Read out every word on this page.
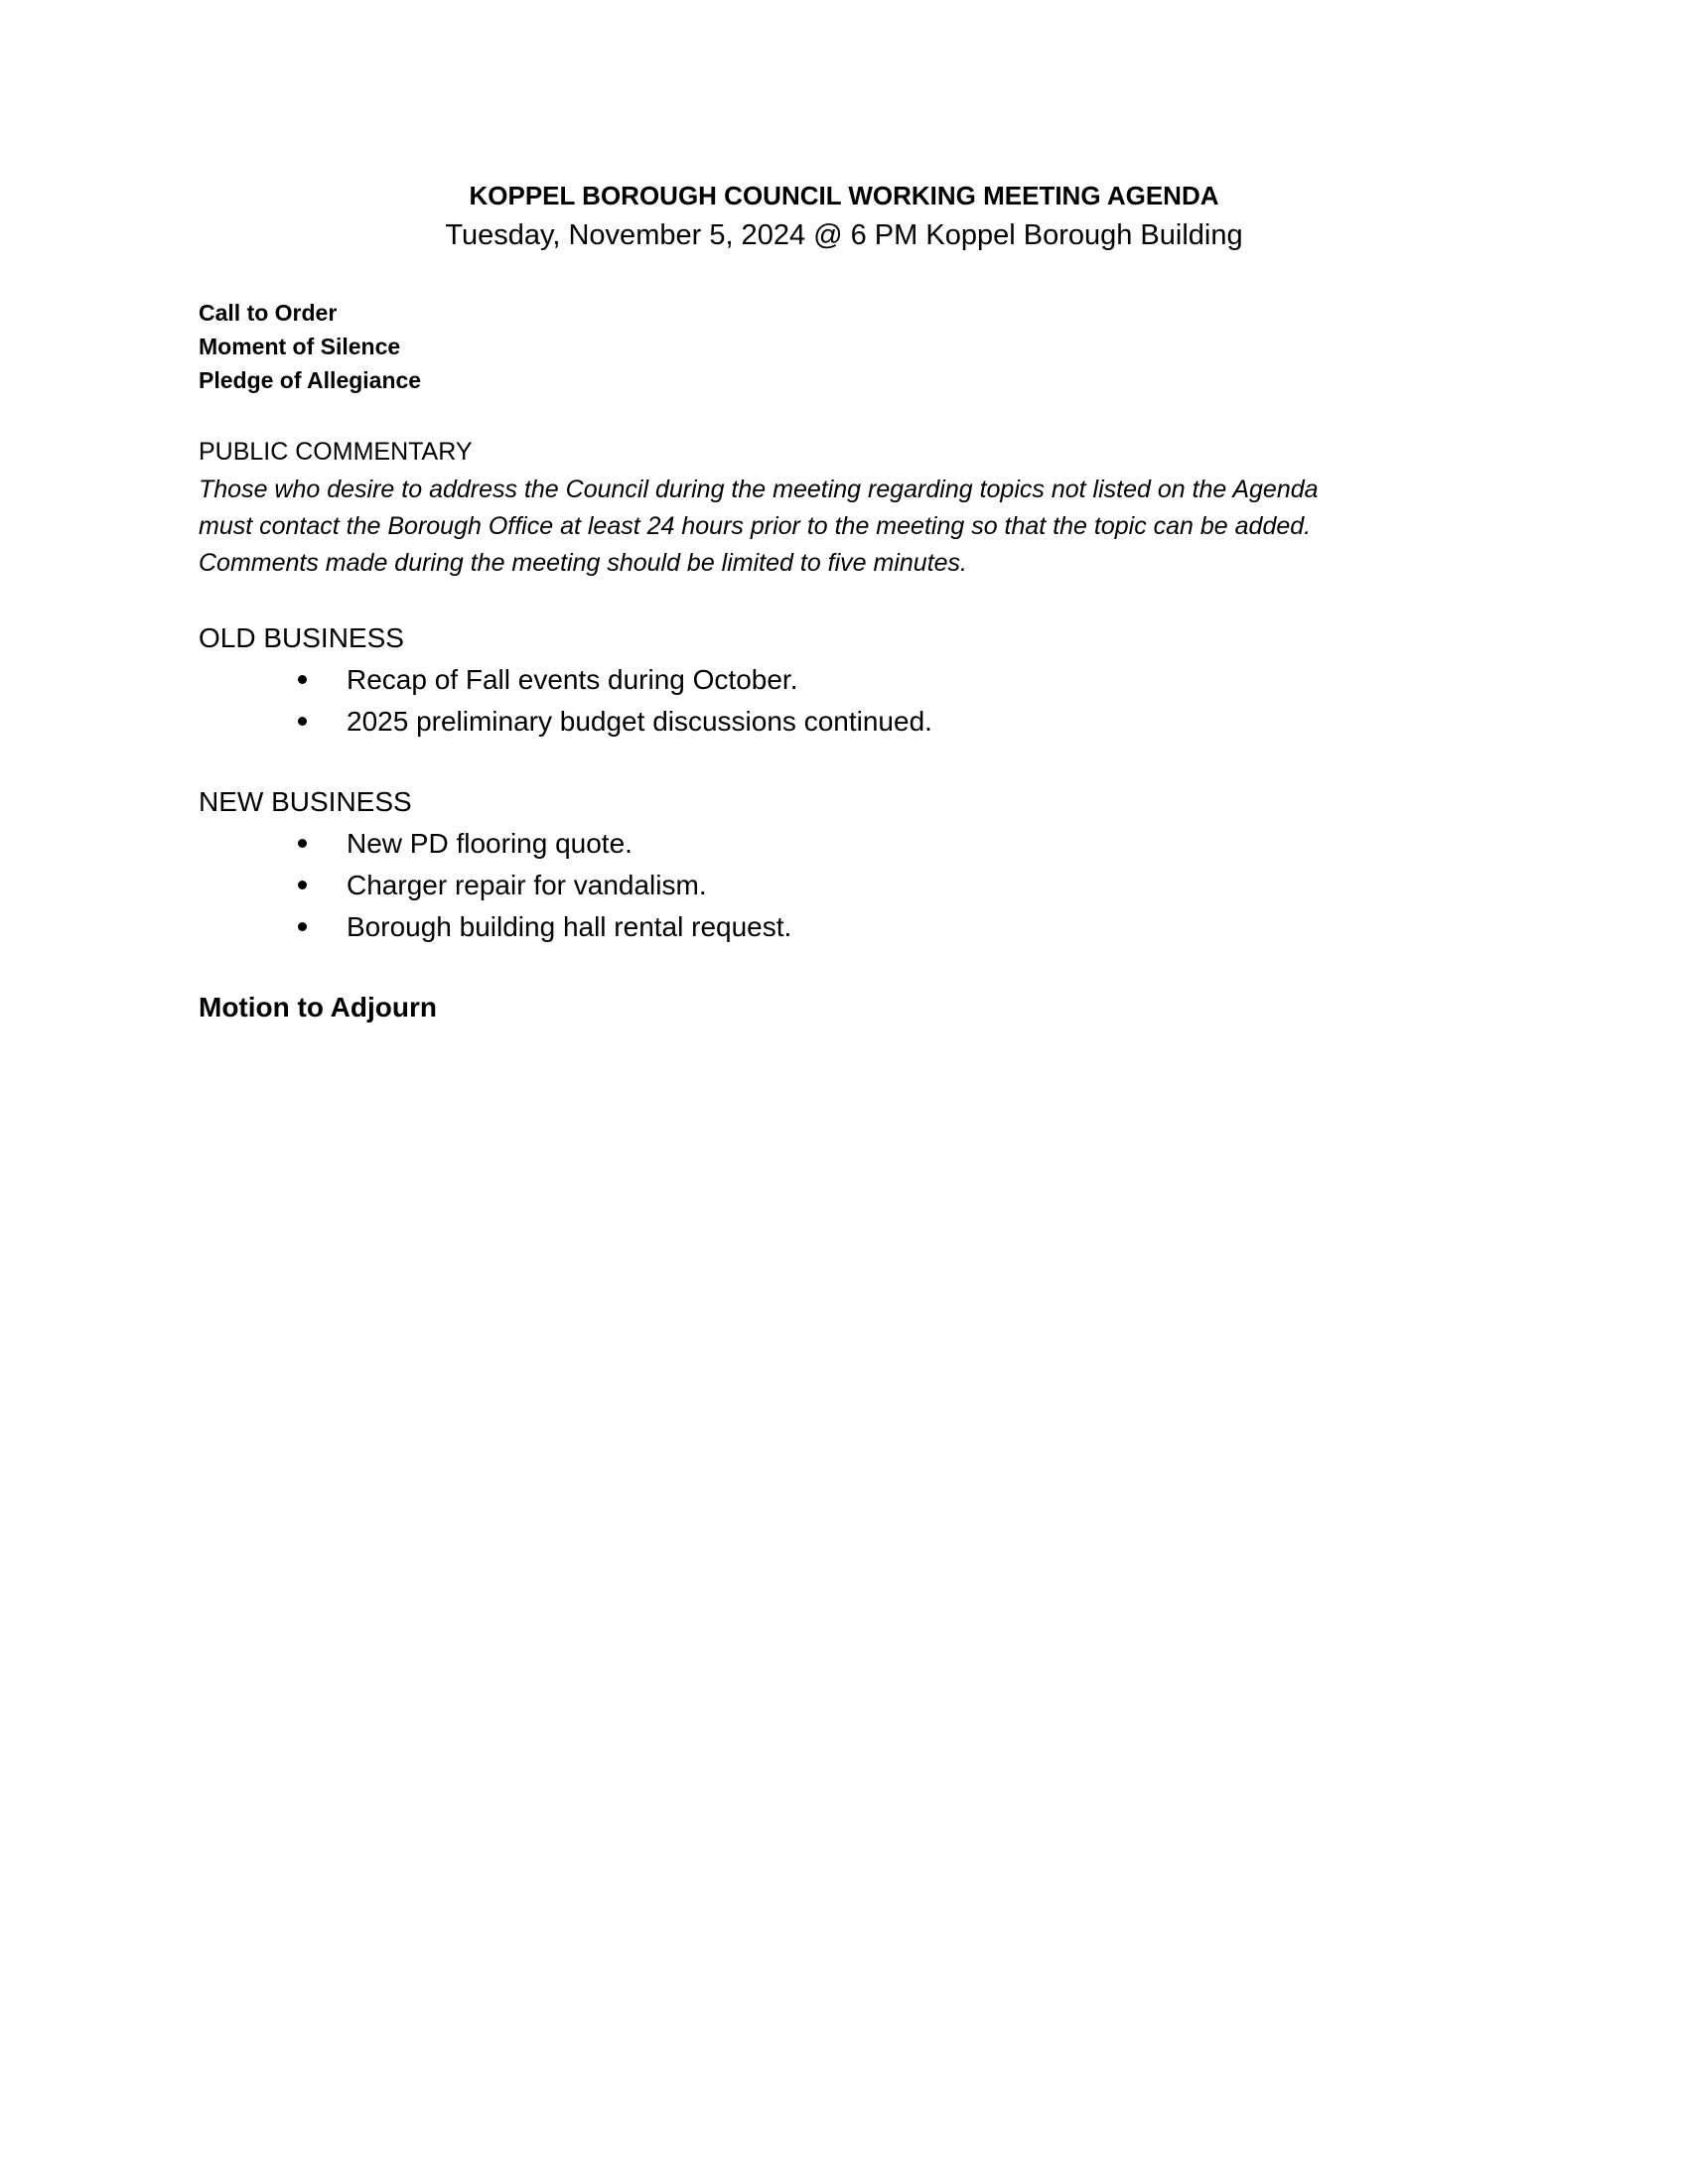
KOPPEL BOROUGH COUNCIL WORKING MEETING AGENDA
Tuesday, November 5, 2024 @ 6 PM Koppel Borough Building
Call to Order
Moment of Silence
Pledge of Allegiance
PUBLIC COMMENTARY
Those who desire to address the Council during the meeting regarding topics not listed on the Agenda
must contact the Borough Office at least 24 hours prior to the meeting so that the topic can be added.
Comments made during the meeting should be limited to five minutes.
OLD BUSINESS
Recap of Fall events during October.
2025 preliminary budget discussions continued.
NEW BUSINESS
New PD flooring quote.
Charger repair for vandalism.
Borough building hall rental request.
Motion to Adjourn
